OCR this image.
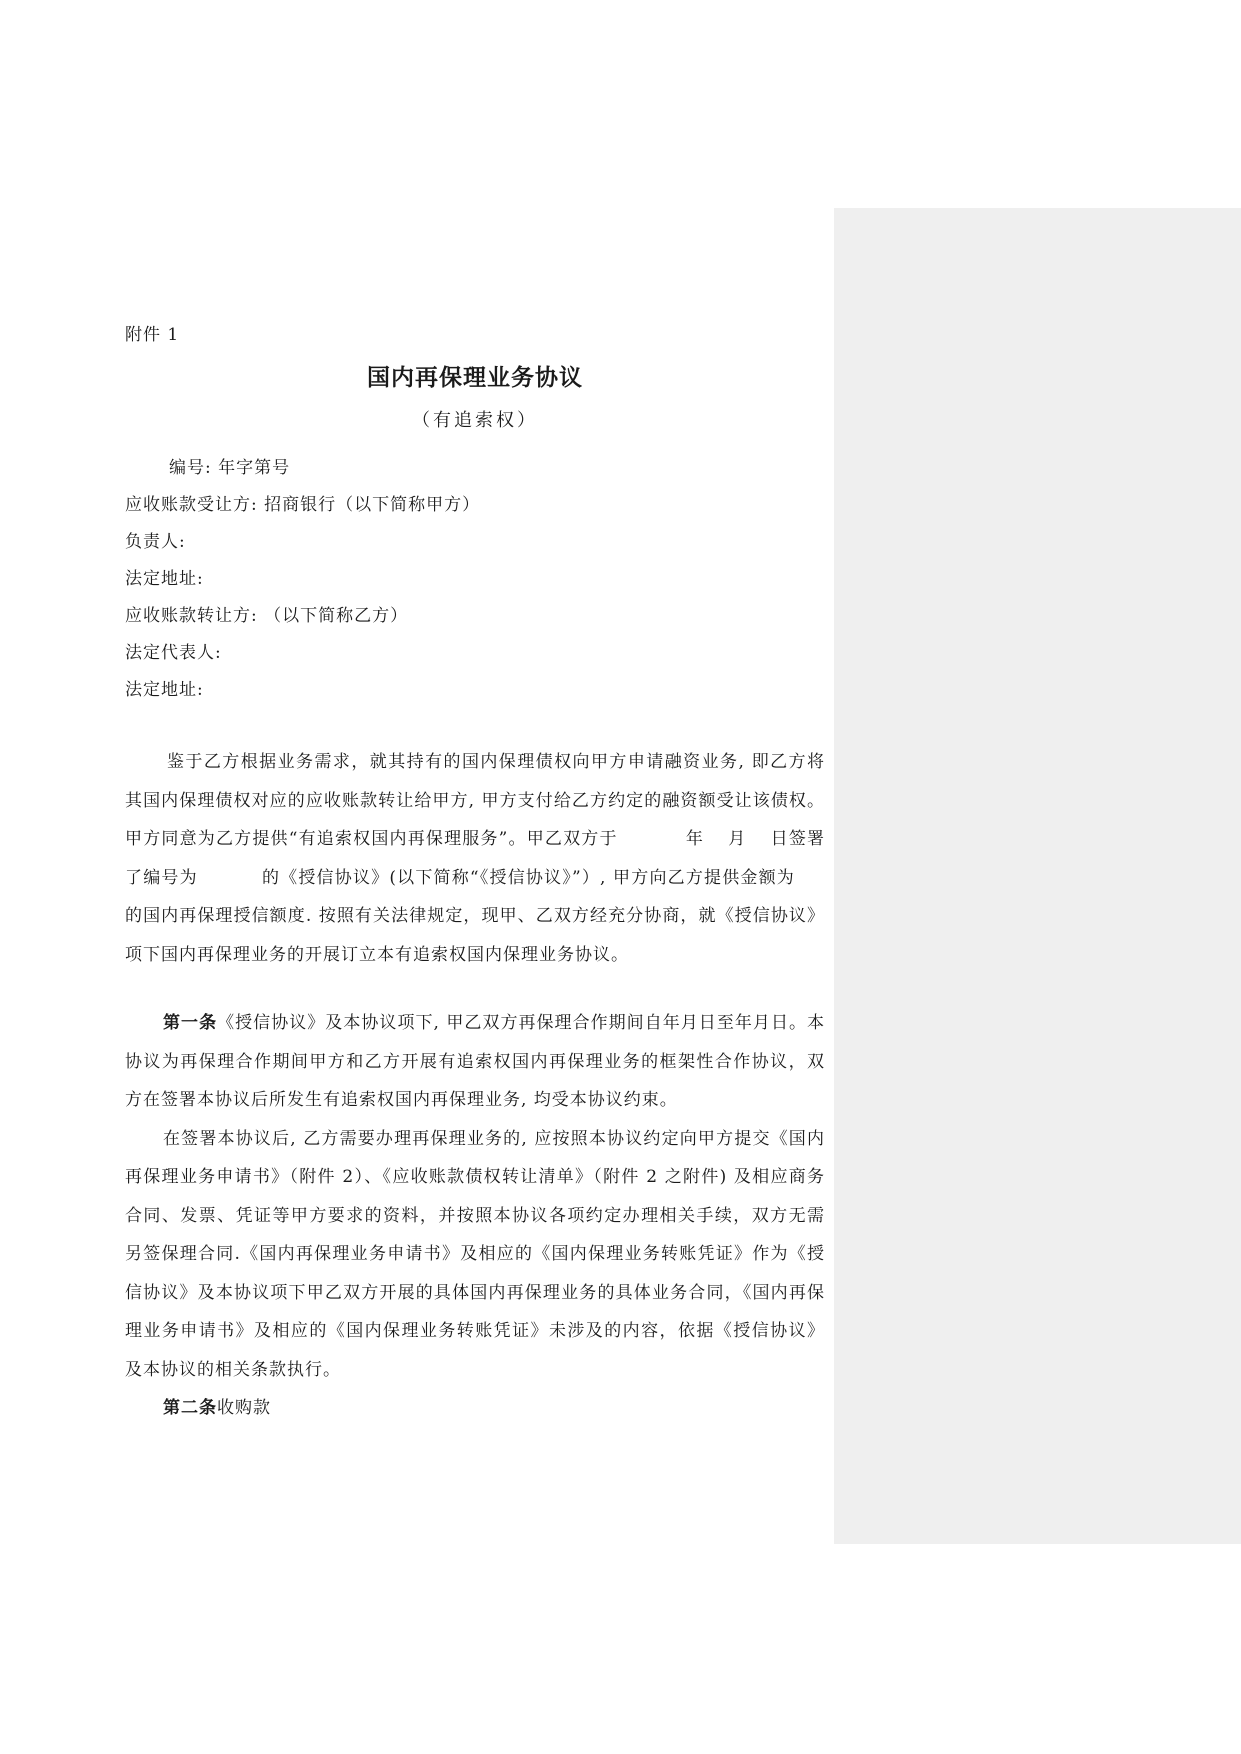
附件 1

国内再保理业务协议

（有追索权）

编号: 年字第号

应收账款受让方: 招商银行（以下简称甲方）

负责人:

法定地址:

应收账款转让方: （以下简称乙方）

法定代表人:

法定地址:

鉴于乙方根据业务需求，就其持有的国内保理债权向甲方申请融资业务, 即乙方将其国内保理债权对应的应收账款转让给甲方, 甲方支付给乙方约定的融资额受让该债权。甲方同意为乙方提供“有追索权国内再保理服务”。甲乙双方于	年 月 日签署了编号为	的《授信协议》(以下简称“《授信协议》”）, 甲方向乙方提供金额为的国内再保理授信额度. 按照有关法律规定，现甲、乙双方经充分协商，就《授信协议》项下国内再保理业务的开展订立本有追索权国内保理业务协议。

第一条《授信协议》及本协议项下, 甲乙双方再保理合作期间自年月日至年月日。本协议为再保理合作期间甲方和乙方开展有追索权国内再保理业务的框架性合作协议，双方在签署本协议后所发生有追索权国内再保理业务, 均受本协议约束。

在签署本协议后, 乙方需要办理再保理业务的, 应按照本协议约定向甲方提交《国内再保理业务申请书》（附件 2）、《应收账款债权转让清单》（附件 2 之附件) 及相应商务合同、发票、凭证等甲方要求的资料，并按照本协议各项约定办理相关手续，双方无需另签保理合同.《国内再保理业务申请书》及相应的《国内保理业务转账凭证》作为《授信协议》及本协议项下甲乙双方开展的具体国内再保理业务的具体业务合同，《国内再保理业务申请书》及相应的《国内保理业务转账凭证》未涉及的内容，依据《授信协议》及本协议的相关条款执行。

第二条收购款
